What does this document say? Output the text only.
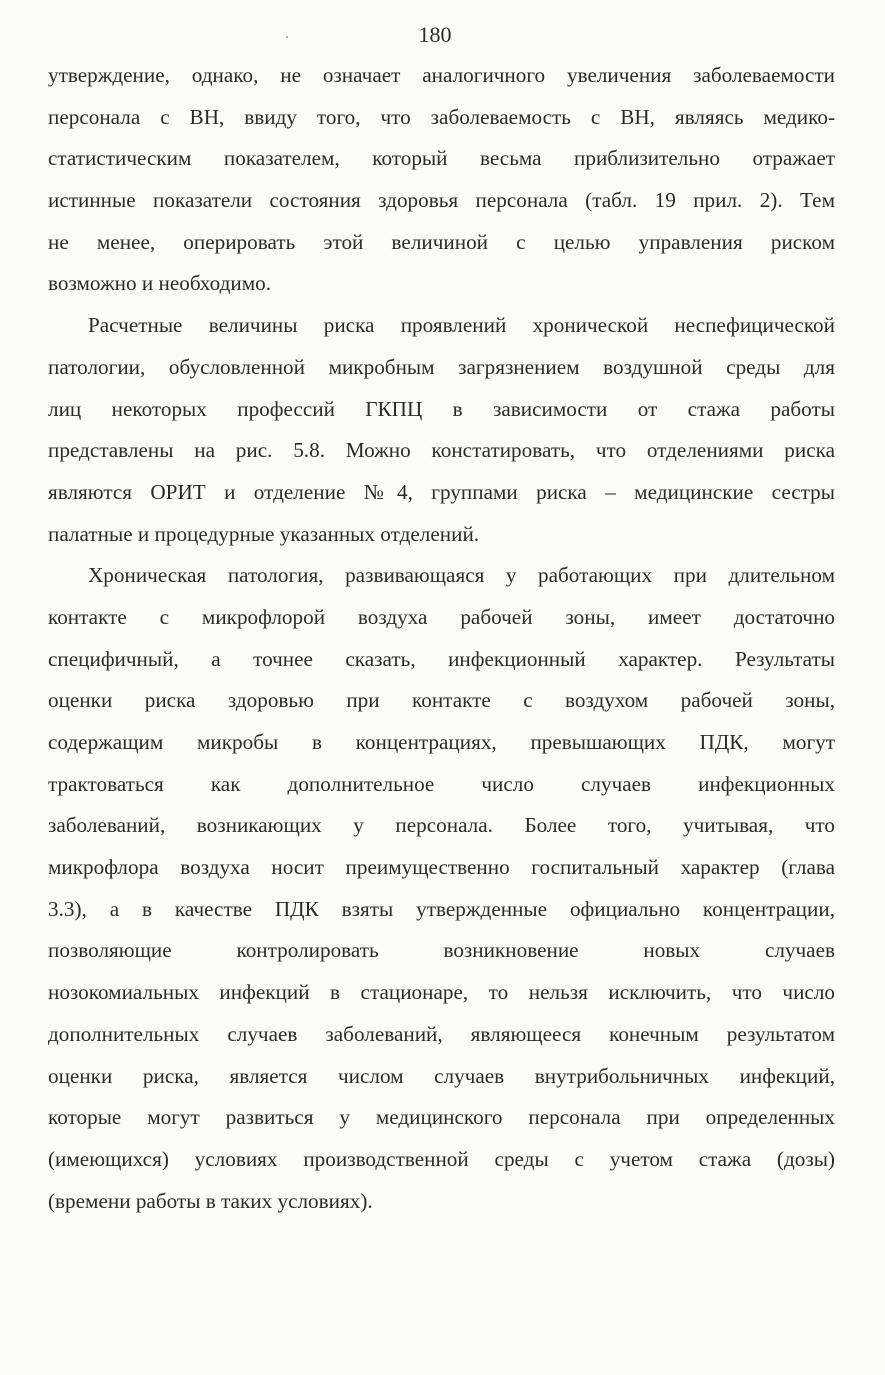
180
утверждение, однако, не означает аналогичного увеличения заболеваемости
персонала с ВН, ввиду того, что заболеваемость с ВН, являясь медико-
статистическим показателем, который весьма приблизительно отражает
истинные показатели состояния здоровья персонала (табл. 19 прил. 2). Тем
не менее, оперировать этой величиной с целью управления риском
возможно и необходимо.
Расчетные величины риска проявлений хронической неспефицической
патологии, обусловленной микробным загрязнением воздушной среды для
лиц некоторых профессий ГКПЦ в зависимости от стажа работы
представлены на рис. 5.8. Можно констатировать, что отделениями риска
являются ОРИТ и отделение №4, группами риска – медицинские сестры
палатные и процедурные указанных отделений.
Хроническая патология, развивающаяся у работающих при длительном
контакте с микрофлорой воздуха рабочей зоны, имеет достаточно
специфичный, а точнее сказать, инфекционный характер. Результаты
оценки риска здоровью при контакте с воздухом рабочей зоны,
содержащим микробы в концентрациях, превышающих ПДК, могут
трактоваться как дополнительное число случаев инфекционных
заболеваний, возникающих у персонала. Более того, учитывая, что
микрофлора воздуха носит преимущественно госпитальный характер (глава
3.3), а в качестве ПДК взяты утвержденные официально концентрации,
позволяющие контролировать возникновение новых случаев
нозокомиальных инфекций в стационаре, то нельзя исключить, что число
дополнительных случаев заболеваний, являющееся конечным результатом
оценки риска, является числом случаев внутрибольничных инфекций,
которые могут развиться у медицинского персонала при определенных
(имеющихся) условиях производственной среды с учетом стажа (дозы)
(времени работы в таких условиях).
